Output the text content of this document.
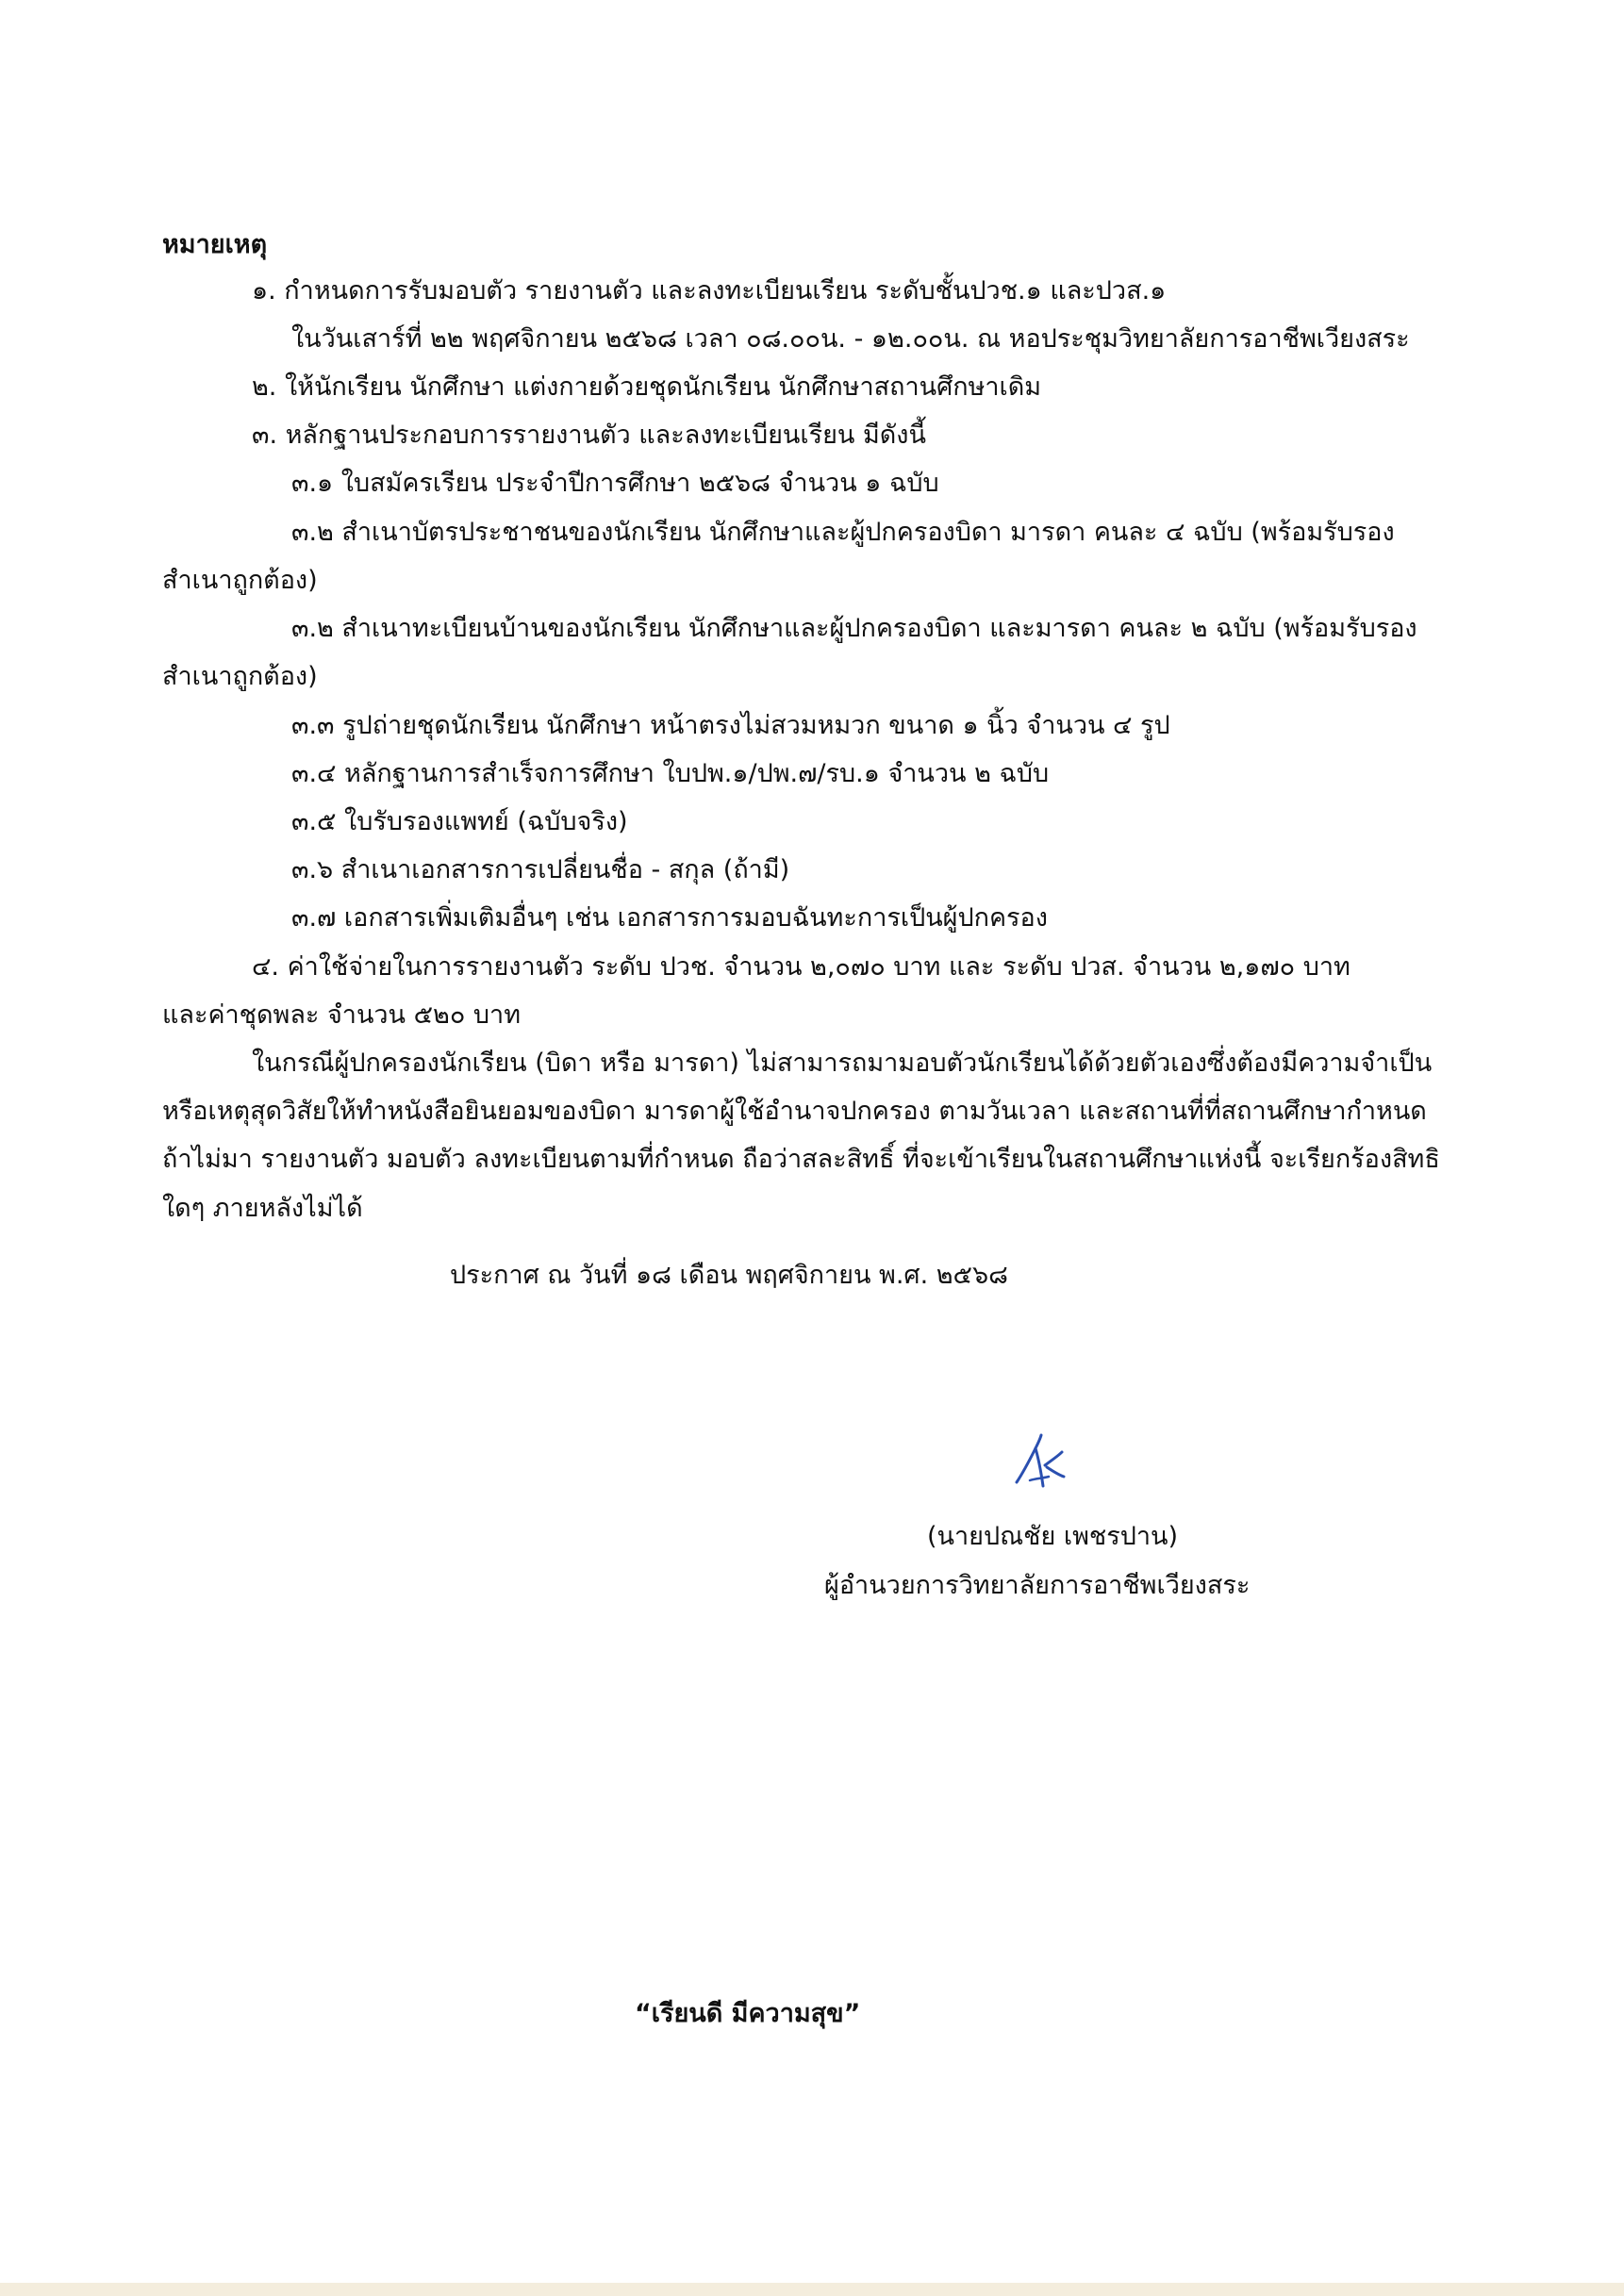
หมายเหตุ
๑. กำหนดการรับมอบตัว รายงานตัว และลงทะเบียนเรียน ระดับชั้นปวช.๑ และปวส.๑
ในวันเสาร์ที่ ๒๒ พฤศจิกายน ๒๕๖๘ เวลา ๐๘.๐๐น. - ๑๒.๐๐น. ณ หอประชุมวิทยาลัยการอาชีพเวียงสระ
๒. ให้นักเรียน นักศึกษา แต่งกายด้วยชุดนักเรียน นักศึกษาสถานศึกษาเดิม
๓. หลักฐานประกอบการรายงานตัว และลงทะเบียนเรียน มีดังนี้
๓.๑ ใบสมัครเรียน ประจำปีการศึกษา ๒๕๖๘ จำนวน ๑ ฉบับ
๓.๒ สำเนาบัตรประชาชนของนักเรียน นักศึกษาและผู้ปกครองบิดา มารดา คนละ ๔ ฉบับ (พร้อมรับรอง
สำเนาถูกต้อง)
๓.๒ สำเนาทะเบียนบ้านของนักเรียน นักศึกษาและผู้ปกครองบิดา และมารดา คนละ ๒ ฉบับ (พร้อมรับรอง
สำเนาถูกต้อง)
๓.๓ รูปถ่ายชุดนักเรียน นักศึกษา หน้าตรงไม่สวมหมวก ขนาด ๑ นิ้ว จำนวน ๔ รูป
๓.๔ หลักฐานการสำเร็จการศึกษา ใบปพ.๑/ปพ.๗/รบ.๑ จำนวน ๒ ฉบับ
๓.๕ ใบรับรองแพทย์ (ฉบับจริง)
๓.๖ สำเนาเอกสารการเปลี่ยนชื่อ - สกุล (ถ้ามี)
๓.๗ เอกสารเพิ่มเติมอื่นๆ เช่น เอกสารการมอบฉันทะการเป็นผู้ปกครอง
๔. ค่าใช้จ่ายในการรายงานตัว ระดับ ปวช. จำนวน ๒,๐๗๐ บาท และ ระดับ ปวส. จำนวน ๒,๑๗๐ บาท
และค่าชุดพละ จำนวน ๕๒๐ บาท
ในกรณีผู้ปกครองนักเรียน (บิดา หรือ มารดา) ไม่สามารถมามอบตัวนักเรียนได้ด้วยตัวเองซึ่งต้องมีความจำเป็น
หรือเหตุสุดวิสัยให้ทำหนังสือยินยอมของบิดา มารดาผู้ใช้อำนาจปกครอง ตามวันเวลา และสถานที่ที่สถานศึกษากำหนด
ถ้าไม่มา รายงานตัว มอบตัว ลงทะเบียนตามที่กำหนด ถือว่าสละสิทธิ์ ที่จะเข้าเรียนในสถานศึกษาแห่งนี้ จะเรียกร้องสิทธิ
ใดๆ ภายหลังไม่ได้
ประกาศ ณ วันที่ ๑๘ เดือน พฤศจิกายน พ.ศ. ๒๕๖๘
(นายปณชัย เพชรปาน)
ผู้อำนวยการวิทยาลัยการอาชีพเวียงสระ
“เรียนดี มีความสุข”
